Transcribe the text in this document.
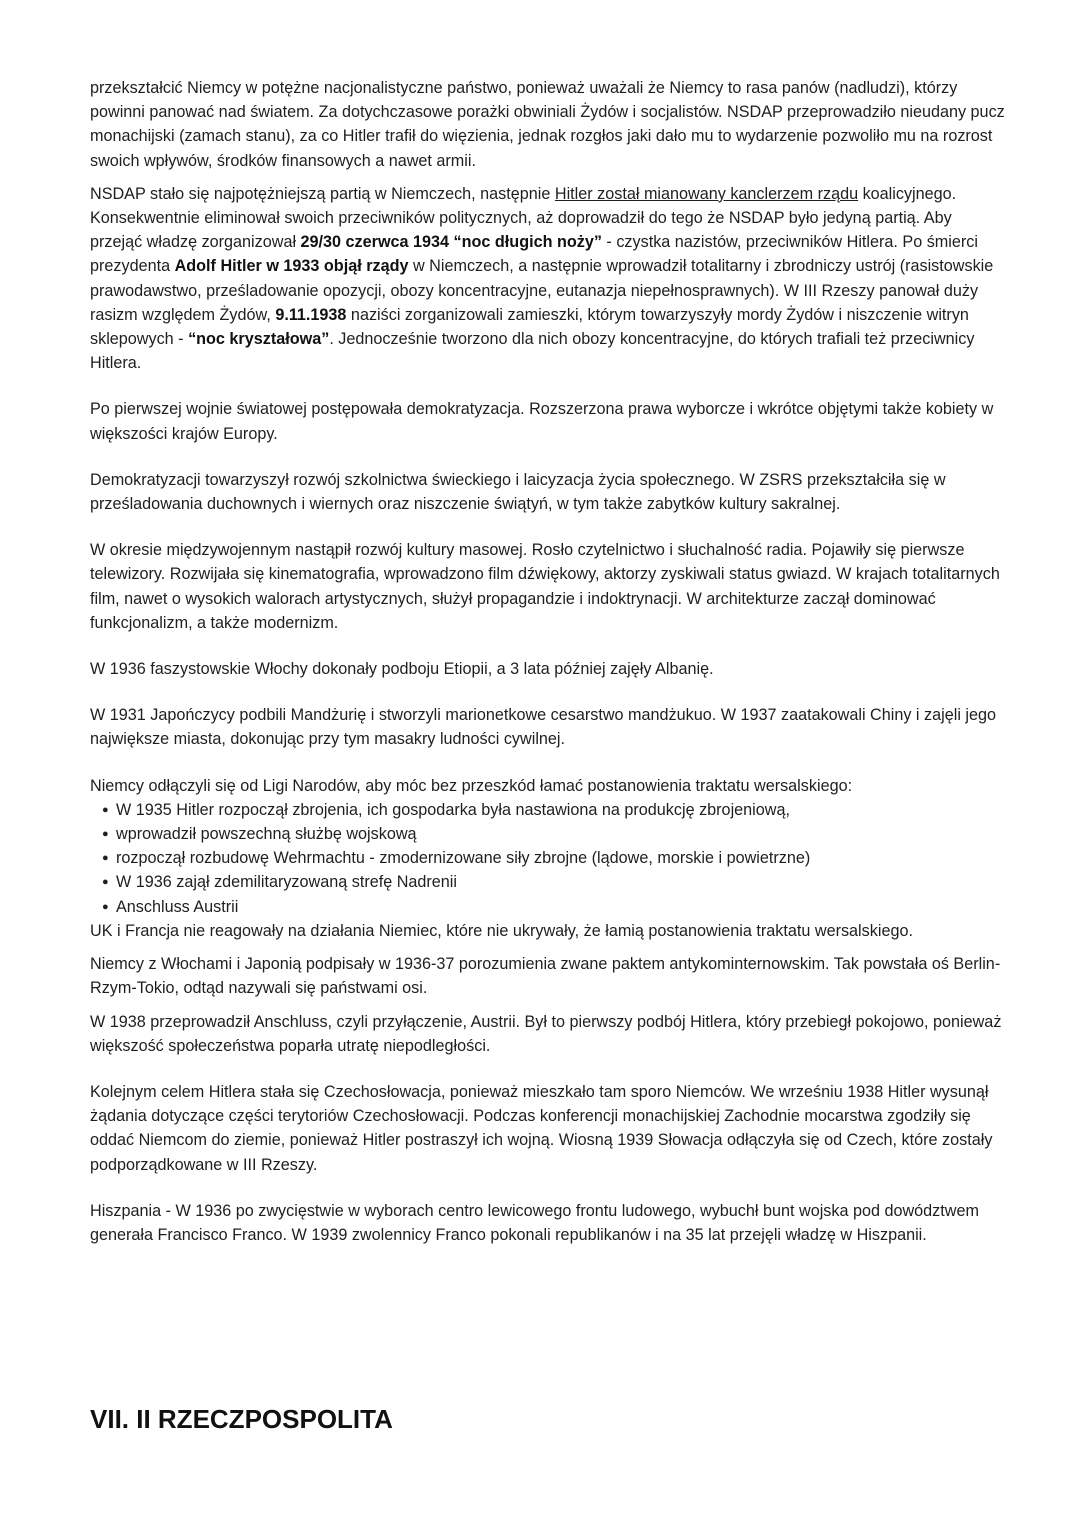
przekształcić Niemcy w potężne nacjonalistyczne państwo, ponieważ uważali że Niemcy to rasa panów (nadludzi), którzy powinni panować nad światem. Za dotychczasowe porażki obwiniali Żydów i socjalistów. NSDAP przeprowadziło nieudany pucz monachijski (zamach stanu), za co Hitler trafił do więzienia, jednak rozgłos jaki dało mu to wydarzenie pozwoliło mu na rozrost swoich wpływów, środków finansowych a nawet armii.

NSDAP stało się najpotężniejszą partią w Niemczech, następnie Hitler został mianowany kanclerzem rządu koalicyjnego. Konsekwentnie eliminował swoich przeciwników politycznych, aż doprowadził do tego że NSDAP było jedyną partią. Aby przejąć władzę zorganizował 29/30 czerwca 1934 “noc długich noży” - czystka nazistów, przeciwników Hitlera. Po śmierci prezydenta Adolf Hitler w 1933 objął rządy w Niemczech, a następnie wprowadził totalitarny i zbrodniczy ustrój (rasistowskie prawodawstwo, prześladowanie opozycji, obozy koncentracyjne, eutanazja niepełnosprawnych). W III Rzeszy panował duży rasizm względem Żydów, 9.11.1938 naziści zorganizowali zamieszki, którym towarzyszyły mordy Żydów i niszczenie witryn sklepowych - “noc kryształowa”. Jednocześnie tworzono dla nich obozy koncentracyjne, do których trafiali też przeciwnicy Hitlera.

Po pierwszej wojnie światowej postępowała demokratyzacja. Rozszerzona prawa wyborcze i wkrótce objętymi także kobiety w większości krajów Europy.

Demokratyzacji towarzyszył rozwój szkolnictwa świeckiego i laicyzacja życia społecznego. W ZSRS przekształciła się w prześladowania duchownych i wiernych oraz niszczenie świątyń, w tym także zabytków kultury sakralnej.

W okresie międzywojennym nastąpił rozwój kultury masowej. Rosło czytelnictwo i słuchalność radia. Pojawiły się pierwsze telewizory. Rozwijała się kinematografia, wprowadzono film dźwiękowy, aktorzy zyskiwali status gwiazd. W krajach totalitarnych film, nawet o wysokich walorach artystycznych, służył propagandzie i indoktrynacji. W architekturze zaczął dominować funkcjonalizm, a także modernizm.

W 1936 faszystowskie Włochy dokonały podboju Etiopii, a 3 lata później zajęły Albanię.

W 1931 Japończycy podbili Mandżurię i stworzyli marionetkowe cesarstwo mandżukuo. W 1937 zaatakowali Chiny i zajęli jego największe miasta, dokonując przy tym masakry ludności cywilnej.

Niemcy odłączyli się od Ligi Narodów, aby móc bez przeszkód łamać postanowienia traktatu wersalskiego:

● W 1935 Hitler rozpoczął zbrojenia, ich gospodarka była nastawiona na produkcję zbrojeniową,
● wprowadził powszechną służbę wojskową
● rozpoczął rozbudowę Wehrmachtu - zmodernizowane siły zbrojne (lądowe, morskie i powietrzne)
● W 1936 zajął zdemilitaryzowaną strefę Nadrenii
● Anschluss Austrii

UK i Francja nie reagowały na działania Niemiec, które nie ukrywały, że łamią postanowienia traktatu wersalskiego.

Niemcy z Włochami i Japonią podpisały w 1936-37 porozumienia zwane paktem antykominternowskim. Tak powstała oś Berlin-Rzym-Tokio, odtąd nazywali się państwami osi.

W 1938 przeprowadził Anschluss, czyli przyłączenie, Austrii. Był to pierwszy podbój Hitlera, który przebiegł pokojowo, ponieważ większość społeczeństwa poparła utratę niepodległości.

Kolejnym celem Hitlera stała się Czechosłowacja, ponieważ mieszkało tam sporo Niemców. We wrześniu 1938 Hitler wysunął żądania dotyczące części terytoriów Czechosłowacji. Podczas konferencji monachijskiej Zachodnie mocarstwa zgodziły się oddać Niemcom do ziemie, ponieważ Hitler postraszył ich wojną. Wiosną 1939 Słowacja odłączyła się od Czech, które zostały podporządkowane w III Rzeszy.

Hiszpania - W 1936 po zwycięstwie w wyborach centro lewicowego frontu ludowego, wybuchł bunt wojska pod dowództwem generała Francisco Franco. W 1939 zwolennicy Franco pokonali republikanów i na 35 lat przejęli władzę w Hiszpanii.

VII. II RZECZPOSPOLITA
